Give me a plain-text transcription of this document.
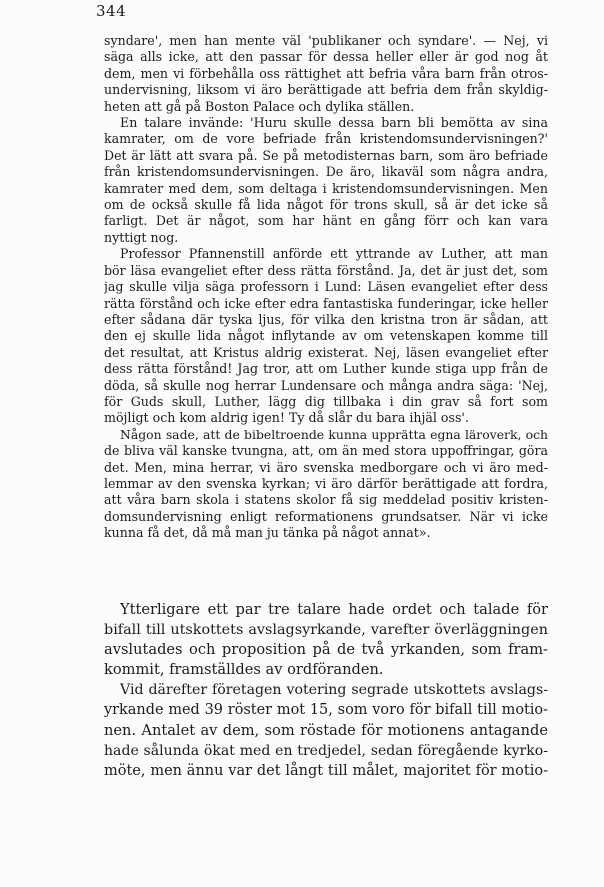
344
syndare', men han mente väl 'publikaner och syndare'. — Nej, vi
säga alls icke, att den passar för dessa heller eller är god nog åt
dem, men vi förbehålla oss rättighet att befria våra barn från otros-
undervisning, liksom vi äro berättigade att befria dem från skyldig-
heten att gå på Boston Palace och dylika ställen.
En talare invände: 'Huru skulle dessa barn bli bemötta av sina
kamrater, om de vore befriade från kristendomsundervisningen?'
Det är lätt att svara på. Se på metodisternas barn, som äro befriade
från kristendomsundervisningen. De äro, likaväl som några andra,
kamrater med dem, som deltaga i kristendomsundervisningen. Men
om de också skulle få lida något för trons skull, så är det icke så
farligt. Det är något, som har hänt en gång förr och kan vara
nyttigt nog.
Professor Pfannenstill anförde ett yttrande av Luther, att man
bör läsa evangeliet efter dess rätta förstånd. Ja, det är just det, som
jag skulle vilja säga professorn i Lund: Läsen evangeliet efter dess
rätta förstånd och icke efter edra fantastiska funderingar, icke heller
efter sådana där tyska ljus, för vilka den kristna tron är sådan, att
den ej skulle lida något inflytande av om vetenskapen komme till
det resultat, att Kristus aldrig existerat. Nej, läsen evangeliet efter
dess rätta förstånd! Jag tror, att om Luther kunde stiga upp från de
döda, så skulle nog herrar Lundensare och många andra säga: 'Nej,
för Guds skull, Luther, lägg dig tillbaka i din grav så fort som
möjligt och kom aldrig igen! Ty då slår du bara ihjäl oss'.
Någon sade, att de bibeltroende kunna upprätta egna läroverk, och
de bliva väl kanske tvungna, att, om än med stora uppoffringar, göra
det. Men, mina herrar, vi äro svenska medborgare och vi äro med-
lemmar av den svenska kyrkan; vi äro därför berättigade att fordra,
att våra barn skola i statens skolor få sig meddelad positiv kristen-
domsundervisning enligt reformationens grundsatser. När vi icke
kunna få det, då må man ju tänka på något annat».
Ytterligare ett par tre talare hade ordet och talade för
bifall till utskottets avslagsyrkande, varefter överläggningen
avslutades och proposition på de två yrkanden, som fram-
kommit, framställdes av ordföranden.
Vid därefter företagen votering segrade utskottets avslags-
yrkande med 39 röster mot 15, som voro för bifall till motio-
nen. Antalet av dem, som röstade för motionens antagande
hade sålunda ökat med en tredjedel, sedan föregående kyrko-
möte, men ännu var det långt till målet, majoritet för motio-
